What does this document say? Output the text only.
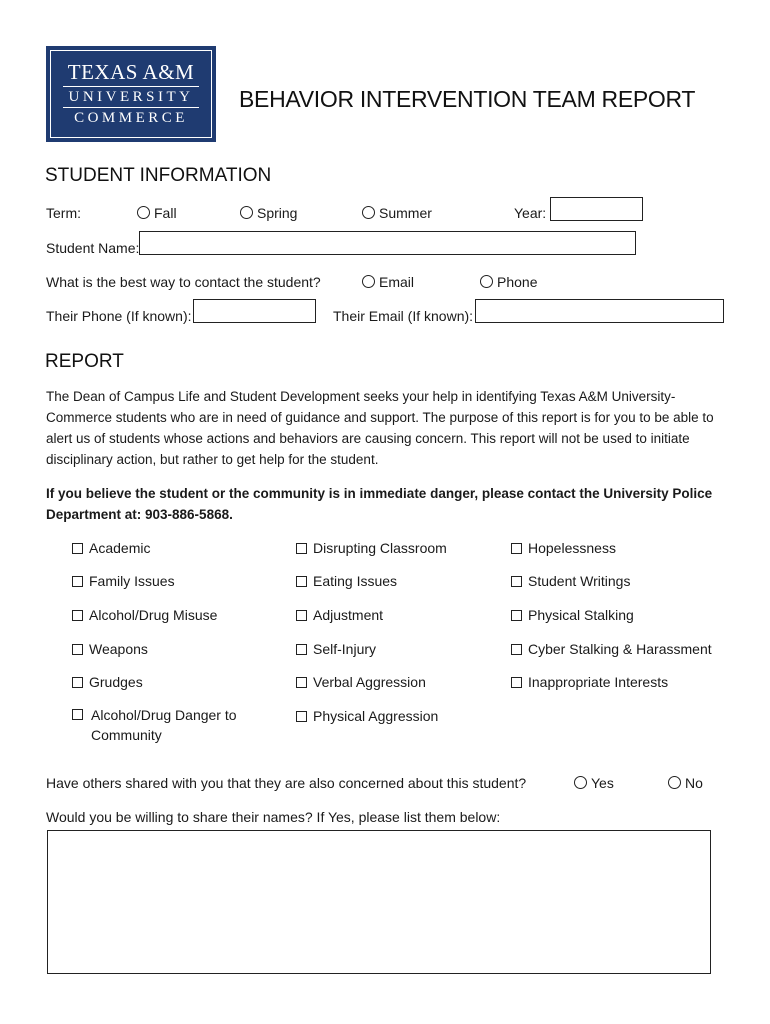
TEXAS A&M
UNIVERSITY
COMMERCE
BEHAVIOR INTERVENTION TEAM REPORT
STUDENT INFORMATION
Term:	Fall	Spring	Summer	Year:
Student Name:
What is the best way to contact the student?	Email	Phone
Their Phone (If known):	Their Email (If known):
REPORT
The Dean of Campus Life and Student Development seeks your help in identifying Texas A&M University-Commerce students who are in need of guidance and support. The purpose of this report is for you to be able to alert us of students whose actions and behaviors are causing concern. This report will not be used to initiate disciplinary action, but rather to get help for the student.
If you believe the student or the community is in immediate danger, please contact the University Police Department at: 903-886-5868.
Academic
Family Issues
Alcohol/Drug Misuse
Weapons
Grudges
Alcohol/Drug Danger to Community
Disrupting Classroom
Eating Issues
Adjustment
Self-Injury
Verbal Aggression
Physical Aggression
Hopelessness
Student Writings
Physical Stalking
Cyber Stalking & Harassment
Inappropriate Interests
Have others shared with you that they are also concerned about this student?	Yes	No
Would you be willing to share their names? If Yes, please list them below:
